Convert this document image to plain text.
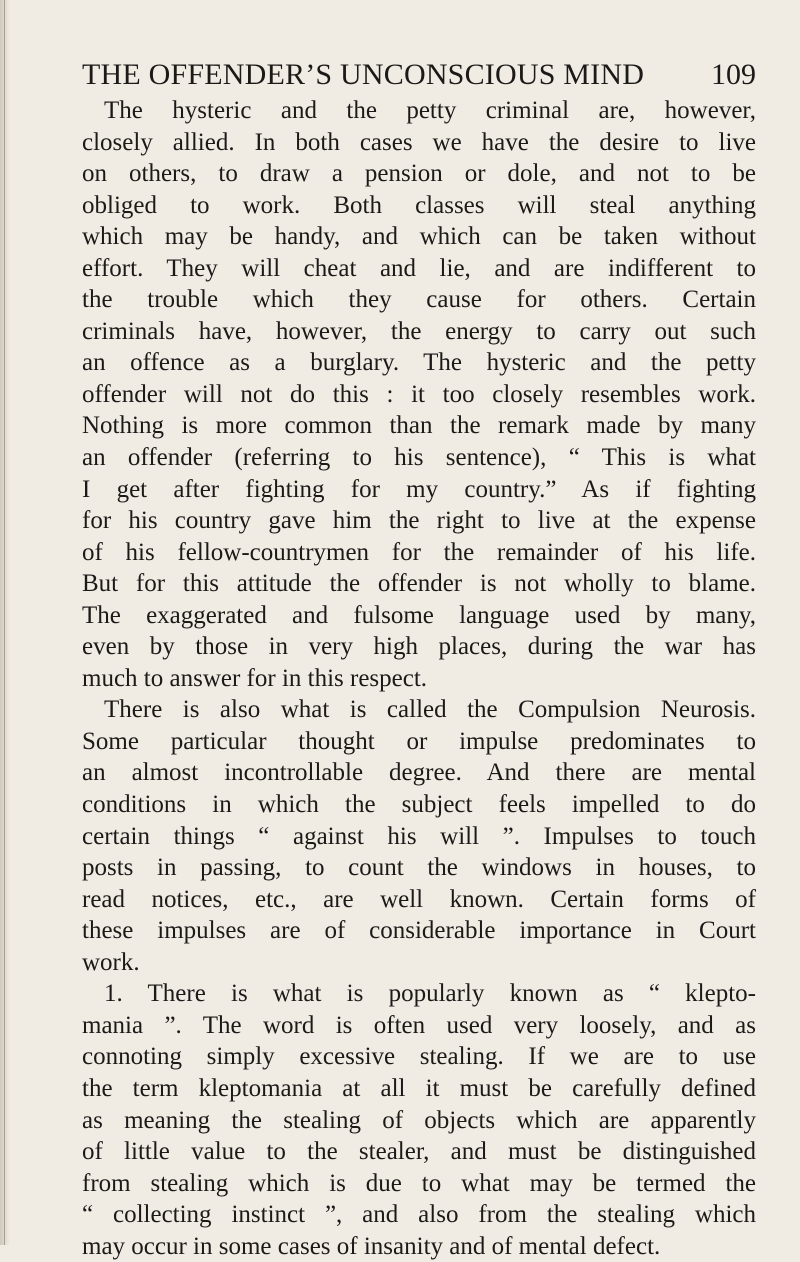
THE OFFENDER’S UNCONSCIOUS MIND 109
The hysteric and the petty criminal are, however,
closely allied. In both cases we have the desire to live
on others, to draw a pension or dole, and not to be
obliged to work. Both classes will steal anything
which may be handy, and which can be taken without
effort. They will cheat and lie, and are indifferent to
the trouble which they cause for others. Certain
criminals have, however, the energy to carry out such
an offence as a burglary. The hysteric and the petty
offender will not do this : it too closely resembles work.
Nothing is more common than the remark made by many
an offender (referring to his sentence), “ This is what
I get after fighting for my country.” As if fighting
for his country gave him the right to live at the expense
of his fellow-countrymen for the remainder of his life.
But for this attitude the offender is not wholly to blame.
The exaggerated and fulsome language used by many,
even by those in very high places, during the war has
much to answer for in this respect.
There is also what is called the Compulsion Neurosis.
Some particular thought or impulse predominates to
an almost incontrollable degree. And there are mental
conditions in which the subject feels impelled to do
certain things “ against his will ”. Impulses to touch
posts in passing, to count the windows in houses, to
read notices, etc., are well known. Certain forms of
these impulses are of considerable importance in Court
work.
1. There is what is popularly known as “ klepto-
mania ”. The word is often used very loosely, and as
connoting simply excessive stealing. If we are to use
the term kleptomania at all it must be carefully defined
as meaning the stealing of objects which are apparently
of little value to the stealer, and must be distinguished
from stealing which is due to what may be termed the
“ collecting instinct ”, and also from the stealing which
may occur in some cases of insanity and of mental defect.
